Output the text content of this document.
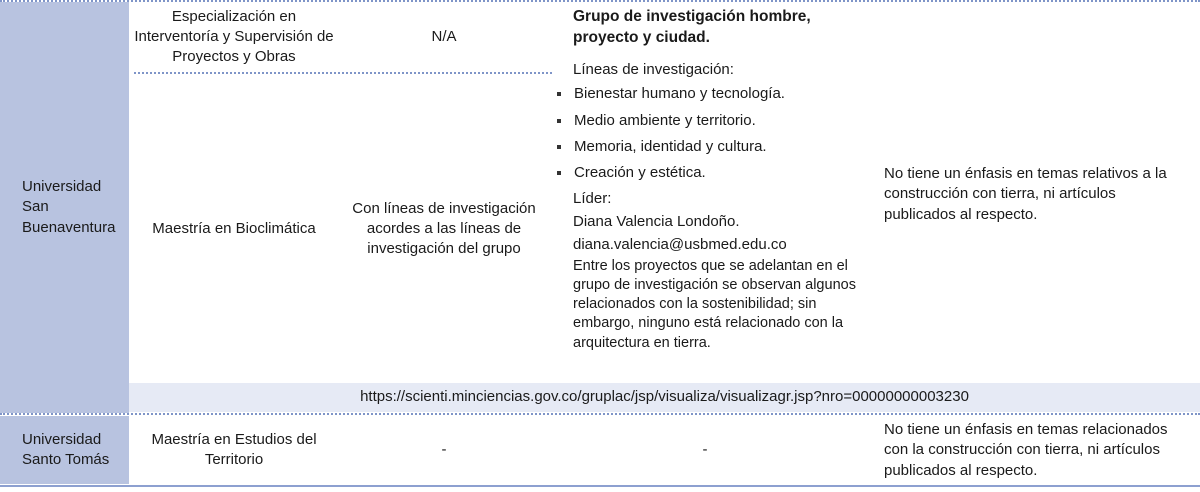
Universidad San Buenaventura
Especialización en Interventoría y Supervisión de Proyectos y Obras
N/A
Maestría en Bioclimática
Con líneas de investigación acordes a las líneas de investigación del grupo
Grupo de investigación hombre, proyecto y ciudad.
Líneas de investigación:
Bienestar humano y tecnología.
Medio ambiente y territorio.
Memoria, identidad y cultura.
Creación y estética.
Líder:
Diana Valencia Londoño.
diana.valencia@usbmed.edu.co
Entre los proyectos que se adelantan en el grupo de investigación se observan algunos relacionados con la sostenibilidad; sin embargo, ninguno está relacionado con la arquitectura en tierra.
No tiene un énfasis en temas relativos a la construcción con tierra, ni artículos publicados al respecto.
https://scienti.minciencias.gov.co/gruplac/jsp/visualiza/visualizagr.jsp?nro=00000000003230
Universidad Santo Tomás
Maestría en Estudios del Territorio
-	-
No tiene un énfasis en temas relacionados con la construcción con tierra, ni artículos publicados al respecto.
